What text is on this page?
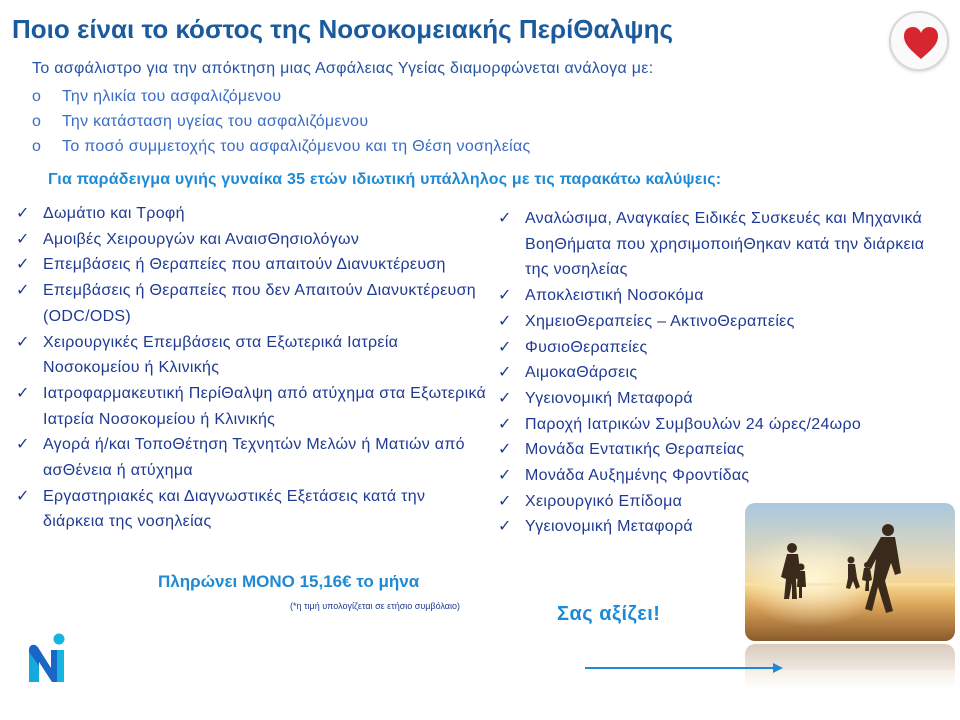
Ποιο είναι το κόστος της Νοσοκομειακής ΠερίΘαλψης
Το ασφάλιστρο για την απόκτηση μιας Ασφάλειας Υγείας διαμορφώνεται ανάλογα με:
o Την ηλικία του ασφαλιζόμενου
o Την κατάσταση υγείας του ασφαλιζόμενου
o Το ποσό συμμετοχής του ασφαλιζόμενου και τη Θέση νοσηλείας
Για παράδειγμα υγιής γυναίκα 35 ετών ιδιωτική υπάλληλος με τις παρακάτω καλύψεις:
✓ Δωμάτιο και Τροφή
✓ Αμοιβές Χειρουργών και ΑναισΘησιολόγων
✓ Επεμβάσεις ή Θεραπείες που απαιτούν Διανυκτέρευση
✓ Επεμβάσεις ή Θεραπείες που δεν Απαιτούν Διανυκτέρευση (ODC/ODS)
✓ Χειρουργικές Επεμβάσεις στα Εξωτερικά Ιατρεία Νοσοκομείου ή Κλινικής
✓ Ιατροφαρμακευτική ΠερίΘαλψη από ατύχημα στα Εξωτερικά Ιατρεία Νοσοκομείου ή Κλινικής
✓ Αγορά ή/και ΤοποΘέτηση Τεχνητών Μελών ή Ματιών από ασΘένεια ή ατύχημα
✓ Εργαστηριακές και Διαγνωστικές Εξετάσεις κατά την διάρκεια της νοσηλείας
✓ Αναλώσιμα, Αναγκαίες Ειδικές Συσκευές και Μηχανικά ΒοηΘήματα που χρησιμοποιήΘηκαν κατά την διάρκεια της νοσηλείας
✓ Αποκλειστική Νοσοκόμα
✓ ΧημειοΘεραπείες – ΑκτινοΘεραπείες
✓ ΦυσιοΘεραπείες
✓ ΑιμοκαΘάρσεις
✓ Υγειονομική Μεταφορά
✓ Παροχή Ιατρικών Συμβουλών 24 ώρες/24ωρο
✓ Μονάδα Εντατικής Θεραπείας
✓ Μονάδα Αυξημένης Φροντίδας
✓ Χειρουργικό Επίδομα
✓ Υγειονομική Μεταφορά
Πληρώνει ΜΟΝΟ 15,16€ το μήνα
(*η τιμή υπολογίζεται σε ετήσιο συμβόλαιο)	Σας αξίζει!
